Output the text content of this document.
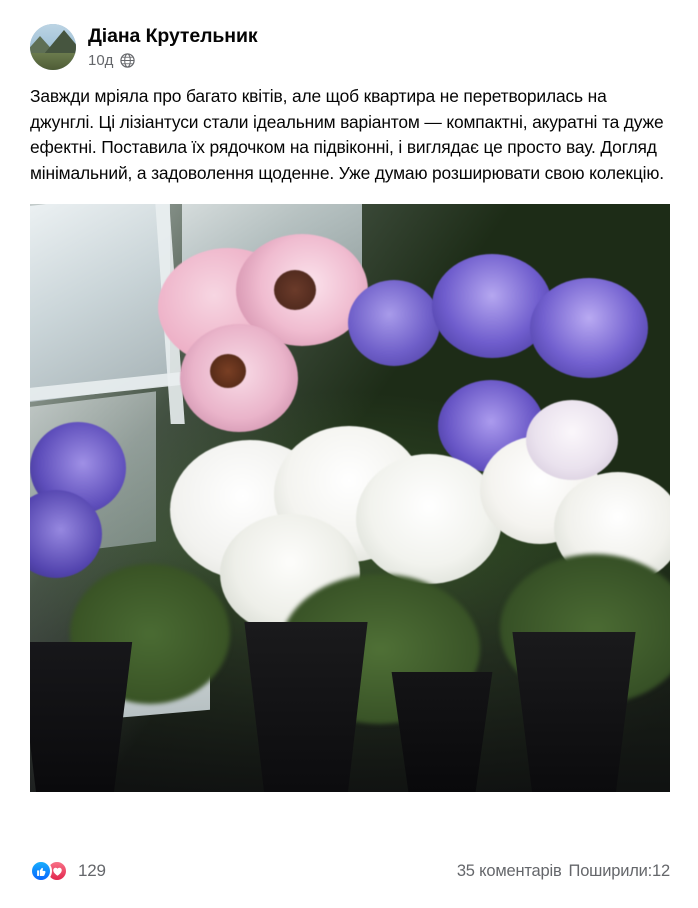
Діана Крутельник
10д
Завжди мріяла про багато квітів, але щоб квартира не перетворилась на джунглі. Ці лізіантуси стали ідеальним варіантом — компактні, акуратні та дуже ефектні. Поставила їх рядочком на підвіконні, і виглядає це просто вау. Догляд мінімальний, а задоволення щоденне. Уже думаю розширювати свою колекцію.
129	35 коментарів Поширили:12
